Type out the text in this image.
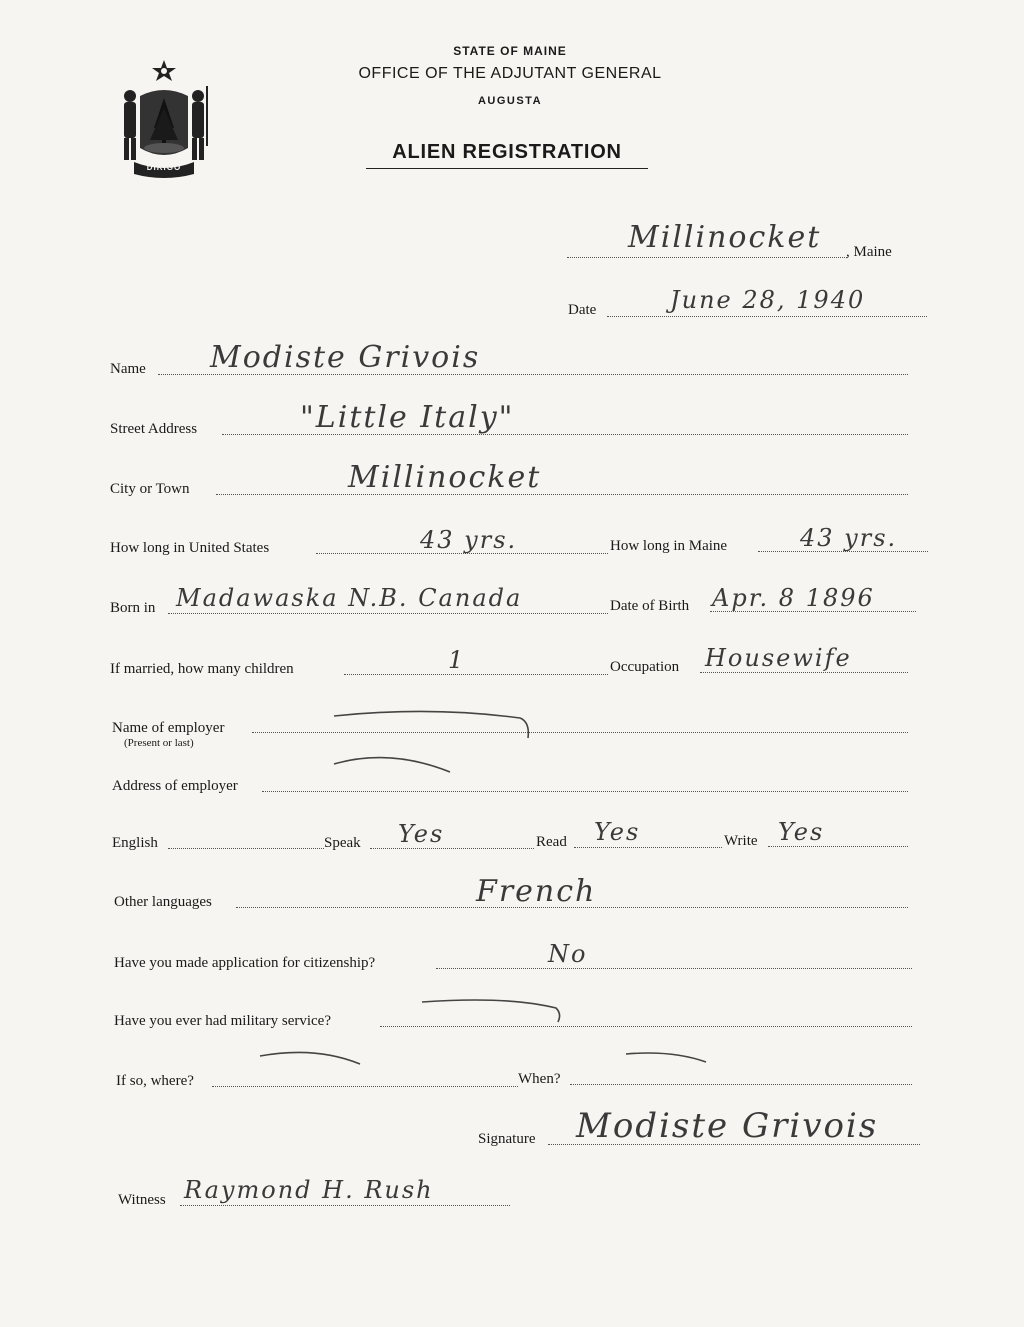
DIRIGO
STATE OF MAINE
OFFICE OF THE ADJUTANT GENERAL
AUGUSTA
ALIEN REGISTRATION
Millinocket , Maine
Date	June 28, 1940
Name Modiste Grivois
Street Address	"Little Italy"
City or Town	Millinocket
How long in United States	43 yrs.	How long in Maine	43 yrs.
Born in Madawaska N.B. Canada	Date of Birth Apr. 8 1896
If married, how many children	1	Occupation Housewife
Name of employer
(Present or last)
Address of employer
English	Speak Yes	Read Yes	Write Yes
Other languages	French
Have you made application for citizenship?	No
Have you ever had military service?
If so, where?	When?
Signature Modiste Grivois
Witness Raymond H. Rush
